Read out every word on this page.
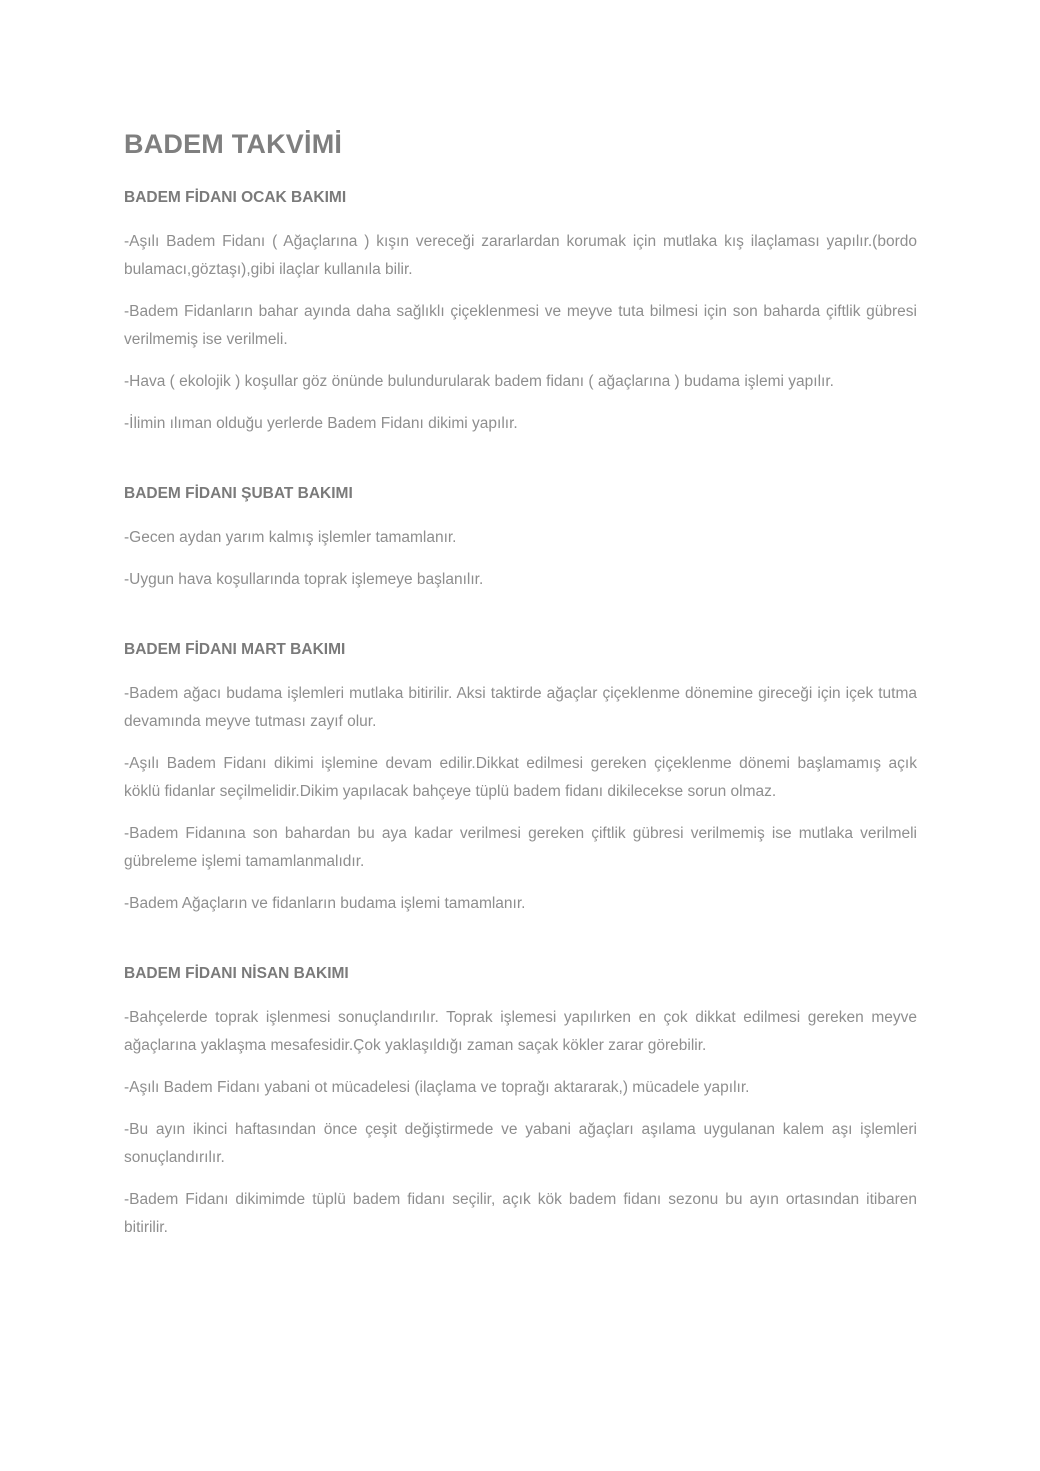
BADEM TAKVİMİ
BADEM FİDANI OCAK BAKIMI

-Aşılı Badem Fidanı ( Ağaçlarına ) kışın vereceği zararlardan korumak için mutlaka kış ilaçlaması yapılır.(bordo bulamacı,göztaşı),gibi ilaçlar kullanıla bilir.

-Badem Fidanların bahar ayında daha sağlıklı çiçeklenmesi ve meyve tuta bilmesi için son baharda çiftlik gübresi verilmemiş ise verilmeli.

-Hava ( ekolojik ) koşullar göz önünde bulundurularak badem fidanı ( ağaçlarına ) budama işlemi yapılır.

-İlimin ılıman olduğu yerlerde Badem Fidanı dikimi yapılır.

BADEM FİDANI ŞUBAT BAKIMI

-Gecen aydan yarım kalmış işlemler tamamlanır.

-Uygun hava koşullarında toprak işlemeye başlanılır.

BADEM FİDANI MART BAKIMI

-Badem ağacı budama işlemleri mutlaka bitirilir. Aksi taktirde ağaçlar çiçeklenme dönemine gireceği için içek tutma devamında meyve tutması zayıf olur.

-Aşılı Badem Fidanı dikimi işlemine devam edilir.Dikkat edilmesi gereken çiçeklenme dönemi başlamamış açık köklü fidanlar seçilmelidir.Dikim yapılacak bahçeye tüplü badem fidanı dikilecekse sorun olmaz.

-Badem Fidanına son bahardan bu aya kadar verilmesi gereken çiftlik gübresi verilmemiş ise mutlaka verilmeli gübreleme işlemi tamamlanmalıdır.

-Badem Ağaçların ve fidanların budama işlemi tamamlanır.

BADEM FİDANI NİSAN BAKIMI

-Bahçelerde toprak işlenmesi sonuçlandırılır. Toprak işlemesi yapılırken en çok dikkat edilmesi gereken meyve ağaçlarına yaklaşma mesafesidir.Çok yaklaşıldığı zaman saçak kökler zarar görebilir.

-Aşılı Badem Fidanı yabani ot mücadelesi (ilaçlama ve toprağı aktararak,) mücadele yapılır.

-Bu ayın ikinci haftasından önce çeşit değiştirmede ve yabani ağaçları aşılama uygulanan kalem aşı işlemleri sonuçlandırılır.

-Badem Fidanı dikimimde tüplü badem fidanı seçilir, açık kök badem fidanı sezonu bu ayın ortasından itibaren bitirilir.
